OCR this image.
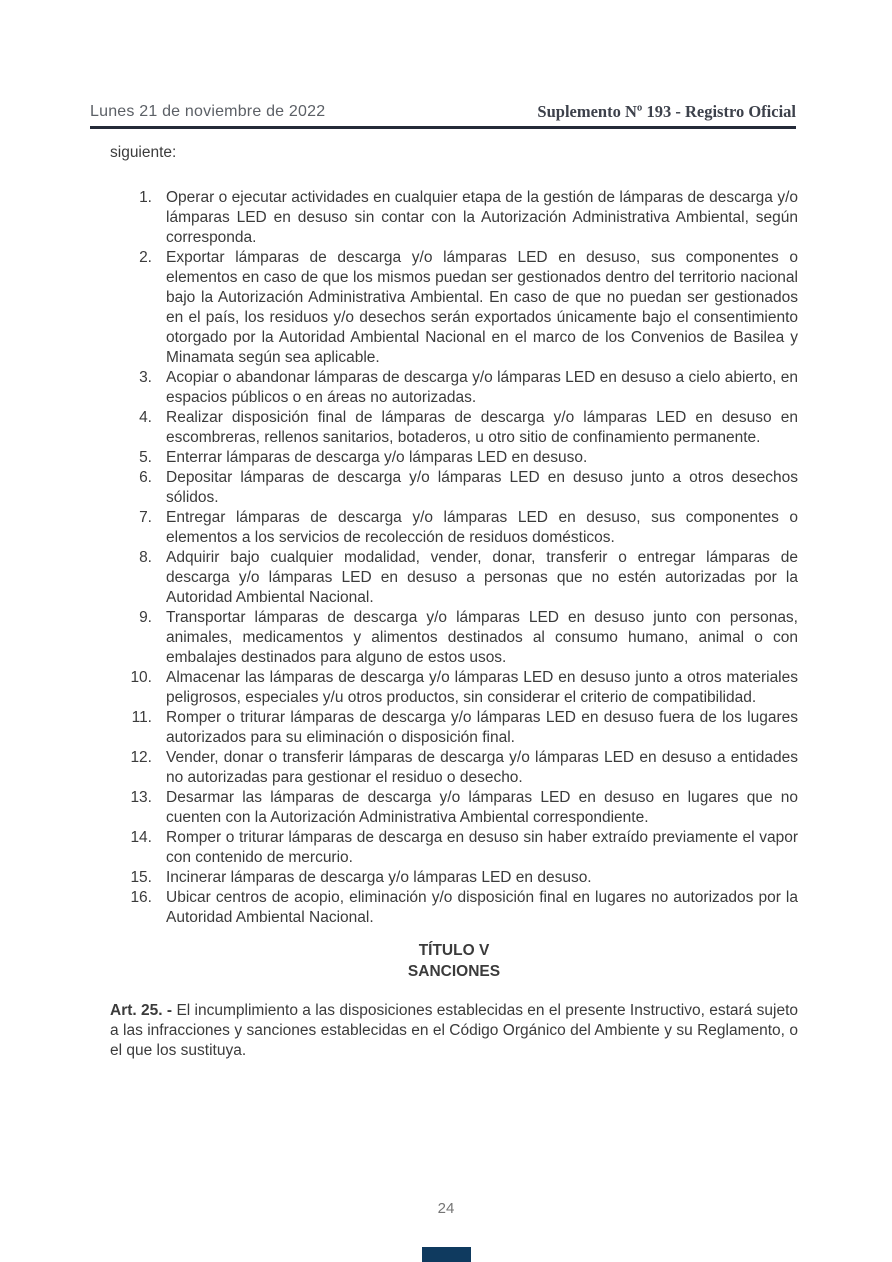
Lunes 21 de noviembre de 2022	Suplemento Nº 193 - Registro Oficial

siguiente:

1. Operar o ejecutar actividades en cualquier etapa de la gestión de lámparas de descarga y/o lámparas LED en desuso sin contar con la Autorización Administrativa Ambiental, según corresponda.
2. Exportar lámparas de descarga y/o lámparas LED en desuso, sus componentes o elementos en caso de que los mismos puedan ser gestionados dentro del territorio nacional bajo la Autorización Administrativa Ambiental. En caso de que no puedan ser gestionados en el país, los residuos y/o desechos serán exportados únicamente bajo el consentimiento otorgado por la Autoridad Ambiental Nacional en el marco de los Convenios de Basilea y Minamata según sea aplicable.
3. Acopiar o abandonar lámparas de descarga y/o lámparas LED en desuso a cielo abierto, en espacios públicos o en áreas no autorizadas.
4. Realizar disposición final de lámparas de descarga y/o lámparas LED en desuso en escombreras, rellenos sanitarios, botaderos, u otro sitio de confinamiento permanente.
5. Enterrar lámparas de descarga y/o lámparas LED en desuso.
6. Depositar lámparas de descarga y/o lámparas LED en desuso junto a otros desechos sólidos.
7. Entregar lámparas de descarga y/o lámparas LED en desuso, sus componentes o elementos a los servicios de recolección de residuos domésticos.
8. Adquirir bajo cualquier modalidad, vender, donar, transferir o entregar lámparas de descarga y/o lámparas LED en desuso a personas que no estén autorizadas por la Autoridad Ambiental Nacional.
9. Transportar lámparas de descarga y/o lámparas LED en desuso junto con personas, animales, medicamentos y alimentos destinados al consumo humano, animal o con embalajes destinados para alguno de estos usos.
10. Almacenar las lámparas de descarga y/o lámparas LED en desuso junto a otros materiales peligrosos, especiales y/u otros productos, sin considerar el criterio de compatibilidad.
11. Romper o triturar lámparas de descarga y/o lámparas LED en desuso fuera de los lugares autorizados para su eliminación o disposición final.
12. Vender, donar o transferir lámparas de descarga y/o lámparas LED en desuso a entidades no autorizadas para gestionar el residuo o desecho.
13. Desarmar las lámparas de descarga y/o lámparas LED en desuso en lugares que no cuenten con la Autorización Administrativa Ambiental correspondiente.
14. Romper o triturar lámparas de descarga en desuso sin haber extraído previamente el vapor con contenido de mercurio.
15. Incinerar lámparas de descarga y/o lámparas LED en desuso.
16. Ubicar centros de acopio, eliminación y/o disposición final en lugares no autorizados por la Autoridad Ambiental Nacional.
TÍTULO V
SANCIONES

Art. 25. - El incumplimiento a las disposiciones establecidas en el presente Instructivo, estará sujeto a las infracciones y sanciones establecidas en el Código Orgánico del Ambiente y su Reglamento, o el que los sustituya.

24
